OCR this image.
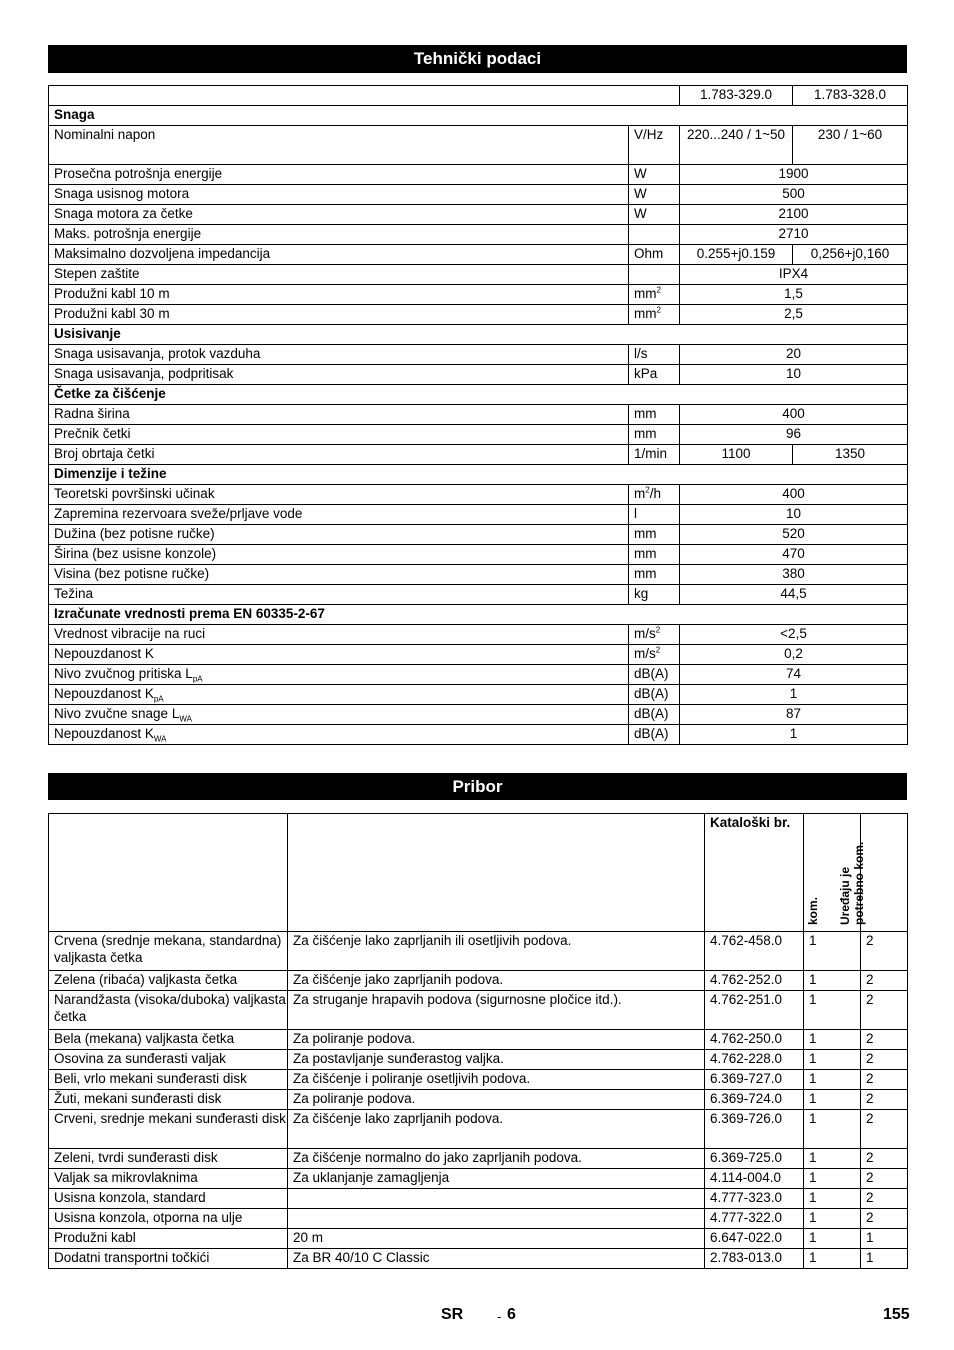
Tehnički podaci
		1.783-329.0	1.783-328.0
Snaga			
Nominalni napon	V/Hz	220...240 / 1~50	230 / 1~60
Prosečna potrošnja energije	W	1900	
Snaga usisnog motora	W	500	
Snaga motora za četke	W	2100	
Maks. potrošnja energije		2710	
Maksimalno dozvoljena impedancija	Ohm	0.255+j0.159	0,256+j0,160
Stepen zaštite		IPX4	
Produžni kabl 10 m	$mm^2$	1,5	
Produžni kabl 30 m	$mm^2$	2,5	
Usisivanje			
Snaga usisavanja, protok vazduha	l/s	20	
Snaga usisavanja, podpritisak	kPa	10	
Četke za čišćenje			
Radna širina	mm	400	
Prečnik četki	mm	96	
Broj obrtaja četki	1/min	1100	1350
Dimenzije i težine			
Teoretski površinski učinak	$m^2/h$	400	
Zapremina rezervoara sveže/prljave vode	l	10	
Dužina (bez potisne ručke)	mm	520	
Širina (bez usisne konzole)	mm	470	
Visina (bez potisne ručke)	mm	380	
Težina	kg	44,5	
Izračunate vrednosti prema EN 60335-2-67			
Vrednost vibracije na ruci	$m/s^2$	<2,5	
Nepouzdanost K	$m/s^2$	0,2	
Nivo zvučnog pritiska $L_{pA}$	dB(A)	74	
Nepouzdanost $K_{pA}$	dB(A)	1	
Nivo zvučne snage $L_{WA}$	dB(A)	87	
Nepouzdanost $K_{WA}$	dB(A)	1	
Pribor
		Kataloški br.	kom.	Uređaju je
potrebno kom.

Crvena (srednje mekana, standardna) valjkasta četka	Za čišćenje lako zaprljanih ili osetljivih podova.	4.762-458.0	1	2
Zelena (ribaća) valjkasta četka	Za čišćenje jako zaprljanih podova.	4.762-252.0	1	2
Narandžasta (visoka/duboka) valjkasta četka	Za struganje hrapavih podova (sigurnosne pločice itd.).	4.762-251.0	1	2
Bela (mekana) valjkasta četka	Za poliranje podova.	4.762-250.0	1	2
Osovina za sunđerasti valjak	Za postavljanje sunđerastog valjka.	4.762-228.0	1	2
Beli, vrlo mekani sunđerasti disk	Za čišćenje i poliranje osetljivih podova.	6.369-727.0	1	2
Žuti, mekani sunđerasti disk	Za poliranje podova.	6.369-724.0	1	2
Crveni, srednje mekani sunđerasti disk	Za čišćenje lako zaprljanih podova.	6.369-726.0	1	2
Zeleni, tvrdi sunđerasti disk	Za čišćenje normalno do jako zaprljanih podova.	6.369-725.0	1	2
Valjak sa mikrovlaknima	Za uklanjanje zamagljenja	4.114-004.0	1	2
Usisna konzola, standard		4.777-323.0	1	2
Usisna konzola, otporna na ulje		4.777-322.0	1	2
Produžni kabl	20 m	6.647-022.0	1	1
Dodatni transportni točkići	Za BR 40/10 C Classic	2.783-013.0	1	1
SR	- 6	155
